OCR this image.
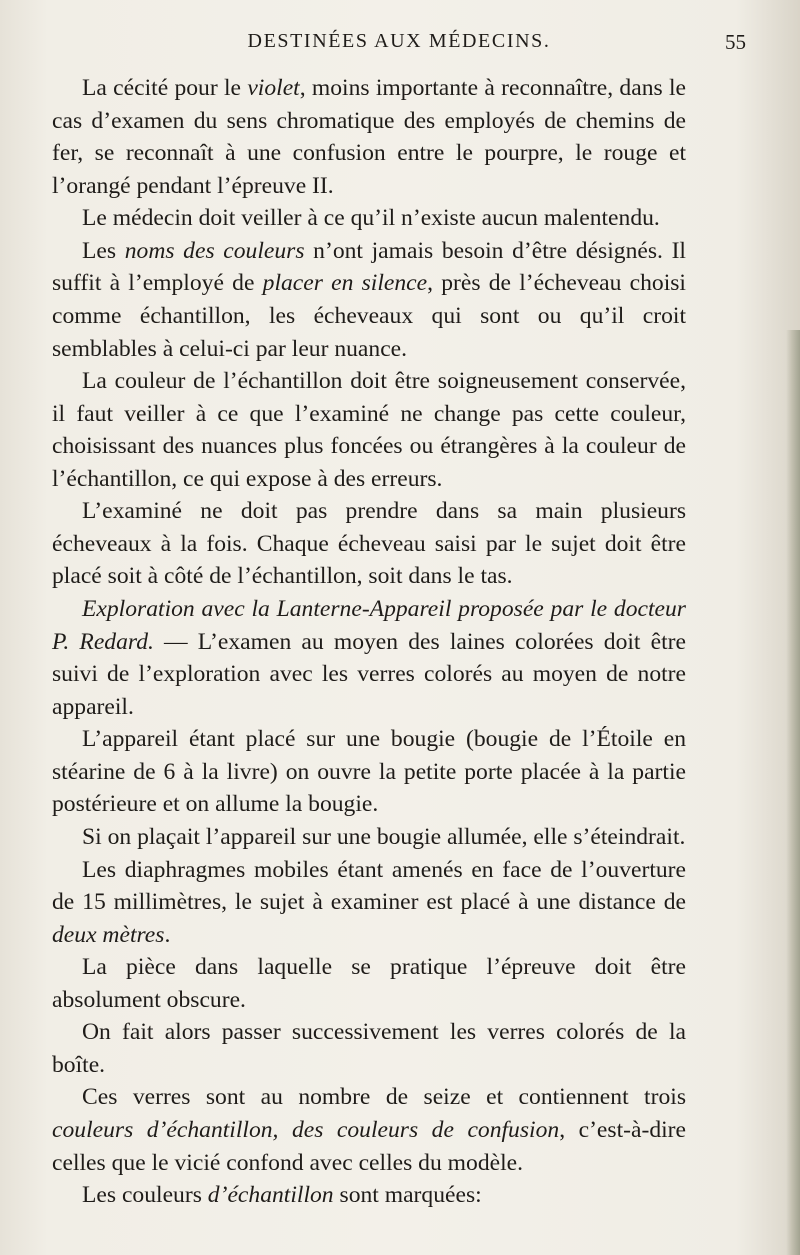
DESTINÉES AUX MÉDECINS.	55

La cécité pour le violet, moins importante à reconnaître, dans le cas d’examen du sens chromatique des employés de chemins de fer, se reconnaît à une confusion entre le pourpre, le rouge et l’orangé pendant l’épreuve II.

Le médecin doit veiller à ce qu’il n’existe aucun malentendu.

Les noms des couleurs n’ont jamais besoin d’être désignés. Il suffit à l’employé de placer en silence, près de l’écheveau choisi comme échantillon, les écheveaux qui sont ou qu’il croit semblables à celui-ci par leur nuance.

La couleur de l’échantillon doit être soigneusement conservée, il faut veiller à ce que l’examiné ne change pas cette couleur, choisissant des nuances plus foncées ou étrangères à la couleur de l’échantillon, ce qui expose à des erreurs.

L’examiné ne doit pas prendre dans sa main plusieurs écheveaux à la fois. Chaque écheveau saisi par le sujet doit être placé soit à côté de l’échantillon, soit dans le tas.

Exploration avec la Lanterne-Appareil proposée par le docteur P. Redard. — L’examen au moyen des laines colorées doit être suivi de l’exploration avec les verres colorés au moyen de notre appareil.

L’appareil étant placé sur une bougie (bougie de l’Étoile en stéarine de 6 à la livre) on ouvre la petite porte placée à la partie postérieure et on allume la bougie.

Si on plaçait l’appareil sur une bougie allumée, elle s’éteindrait.

Les diaphragmes mobiles étant amenés en face de l’ouverture de 15 millimètres, le sujet à examiner est placé à une distance de deux mètres.

La pièce dans laquelle se pratique l’épreuve doit être absolument obscure.

On fait alors passer successivement les verres colorés de la boîte.

Ces verres sont au nombre de seize et contiennent trois couleurs d’échantillon, des couleurs de confusion, c’est-à-dire celles que le vicié confond avec celles du modèle.

Les couleurs d’échantillon sont marquées:
